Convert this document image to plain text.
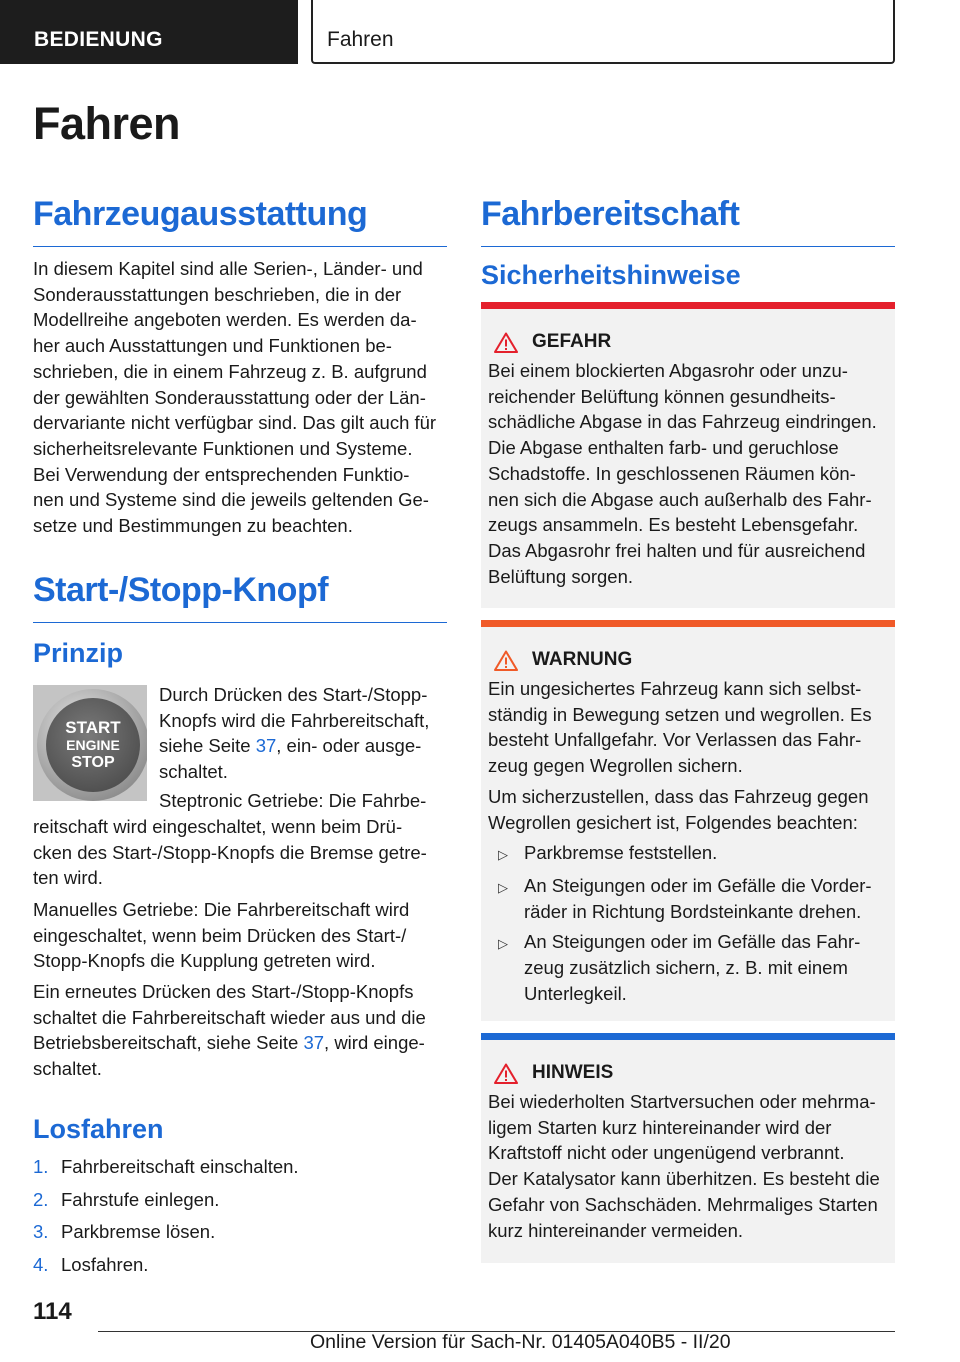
BEDIENUNG	Fahren
Fahren
Fahrzeugausstattung

In diesem Kapitel sind alle Serien-, Länder- und

Sonderausstattungen beschrieben, die in der

Modellreihe angeboten werden. Es werden da-

her auch Ausstattungen und Funktionen be-

schrieben, die in einem Fahrzeug z. B. aufgrund

der gewählten Sonderausstattung oder der Län-

dervariante nicht verfügbar sind. Das gilt auch für

sicherheitsrelevante Funktionen und Systeme.

Bei Verwendung der entsprechenden Funktio-

nen und Systeme sind die jeweils geltenden Ge-

setze und Bestimmungen zu beachten.

Start-/Stopp-Knopf
Prinzip
START
ENGINE
STOP

Durch Drücken des Start-/Stopp-

Knopfs wird die Fahrbereitschaft,

siehe Seite 37, ein- oder ausge-

schaltet.

Steptronic Getriebe: Die Fahrbe-

reitschaft wird eingeschaltet, wenn beim Drü-

cken des Start-/Stopp-Knopfs die Bremse getre-

ten wird.

Manuelles Getriebe: Die Fahrbereitschaft wird

eingeschaltet, wenn beim Drücken des Start-/

Stopp-Knopfs die Kupplung getreten wird.

Ein erneutes Drücken des Start-/Stopp-Knopfs

schaltet die Fahrbereitschaft wieder aus und die

Betriebsbereitschaft, siehe Seite 37, wird einge-

schaltet.

Losfahren
1. Fahrbereitschaft einschalten.
2. Fahrstufe einlegen.
3. Parkbremse lösen.
4. Losfahren.
Fahrbereitschaft
Sicherheitshinweise
GEFAHR

Bei einem blockierten Abgasrohr oder unzu-

reichender Belüftung können gesundheits-

schädliche Abgase in das Fahrzeug eindringen.

Die Abgase enthalten farb- und geruchlose

Schadstoffe. In geschlossenen Räumen kön-

nen sich die Abgase auch außerhalb des Fahr-

zeugs ansammeln. Es besteht Lebensgefahr.

Das Abgasrohr frei halten und für ausreichend

Belüftung sorgen.

WARNUNG

Ein ungesichertes Fahrzeug kann sich selbst-

ständig in Bewegung setzen und wegrollen. Es

besteht Unfallgefahr. Vor Verlassen das Fahr-

zeug gegen Wegrollen sichern.

Um sicherzustellen, dass das Fahrzeug gegen

Wegrollen gesichert ist, Folgendes beachten:

▷ Parkbremse feststellen.

▷ An Steigungen oder im Gefälle die Vorder-

räder in Richtung Bordsteinkante drehen.

▷ An Steigungen oder im Gefälle das Fahr-

zeug zusätzlich sichern, z. B. mit einem

Unterlegkeil.

HINWEIS

Bei wiederholten Startversuchen oder mehrma-

ligem Starten kurz hintereinander wird der

Kraftstoff nicht oder ungenügend verbrannt.

Der Katalysator kann überhitzen. Es besteht die

Gefahr von Sachschäden. Mehrmaliges Starten

kurz hintereinander vermeiden.

114
Online Version für Sach-Nr. 01405A040B5 - II/20
